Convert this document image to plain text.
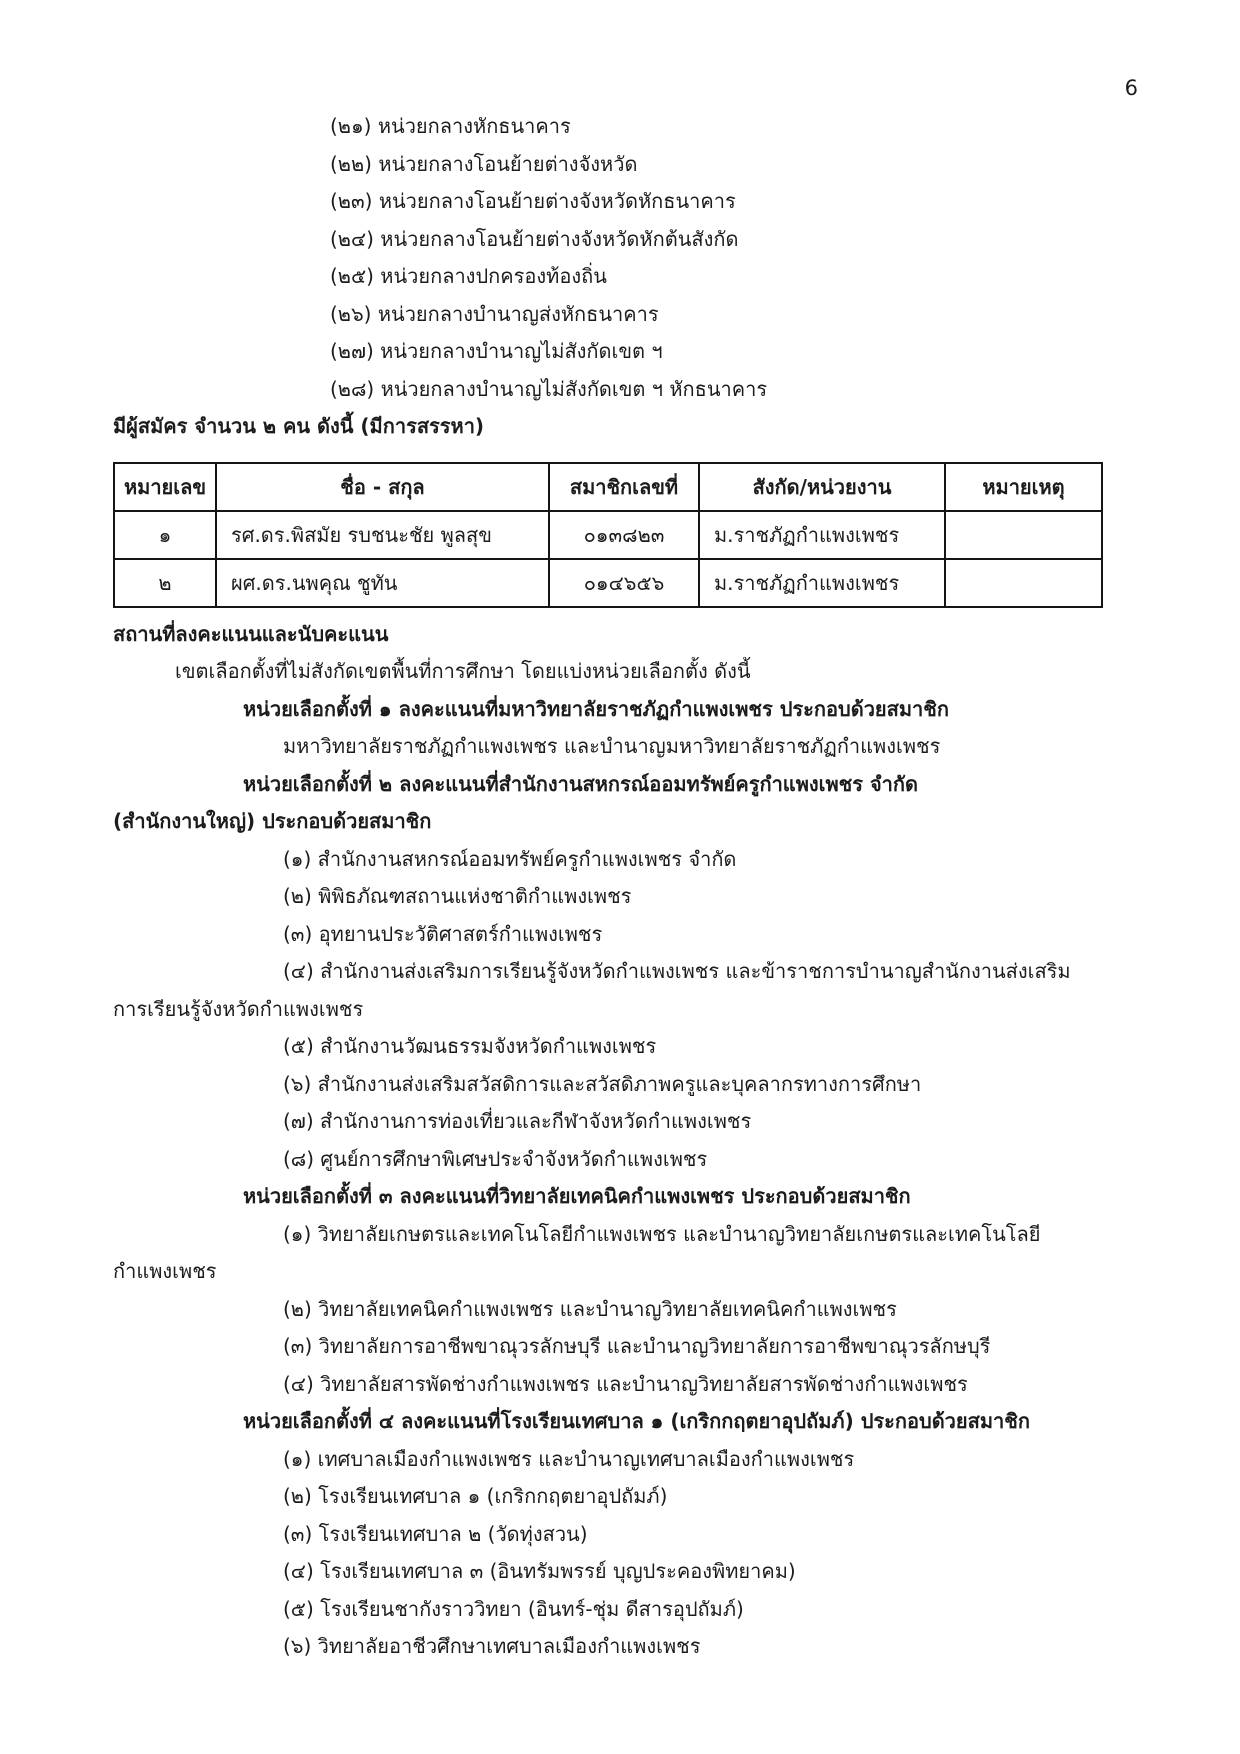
6
(๒๑) หน่วยกลางหักธนาคาร
(๒๒) หน่วยกลางโอนย้ายต่างจังหวัด
(๒๓) หน่วยกลางโอนย้ายต่างจังหวัดหักธนาคาร
(๒๔) หน่วยกลางโอนย้ายต่างจังหวัดหักต้นสังกัด
(๒๕) หน่วยกลางปกครองท้องถิ่น
(๒๖) หน่วยกลางบำนาญส่งหักธนาคาร
(๒๗) หน่วยกลางบำนาญไม่สังกัดเขต ฯ
(๒๘) หน่วยกลางบำนาญไม่สังกัดเขต ฯ หักธนาคาร
มีผู้สมัคร จำนวน ๒ คน ดังนี้ (มีการสรรหา)
หมายเลข	ชื่อ - สกุล	สมาชิกเลขที่	สังกัด/หน่วยงาน	หมายเหตุ
๑	รศ.ดร.พิสมัย รบชนะชัย พูลสุข	๐๑๓๘๒๓	ม.ราชภัฏกำแพงเพชร	
๒	ผศ.ดร.นพคุณ ชูทัน	๐๑๔๖๕๖	ม.ราชภัฏกำแพงเพชร	
สถานที่ลงคะแนนและนับคะแนน
เขตเลือกตั้งที่ไม่สังกัดเขตพื้นที่การศึกษา โดยแบ่งหน่วยเลือกตั้ง ดังนี้
หน่วยเลือกตั้งที่ ๑ ลงคะแนนที่มหาวิทยาลัยราชภัฏกำแพงเพชร ประกอบด้วยสมาชิก
มหาวิทยาลัยราชภัฏกำแพงเพชร และบำนาญมหาวิทยาลัยราชภัฏกำแพงเพชร
หน่วยเลือกตั้งที่ ๒ ลงคะแนนที่สำนักงานสหกรณ์ออมทรัพย์ครูกำแพงเพชร จำกัด
(สำนักงานใหญ่) ประกอบด้วยสมาชิก
(๑) สำนักงานสหกรณ์ออมทรัพย์ครูกำแพงเพชร จำกัด
(๒) พิพิธภัณฑสถานแห่งชาติกำแพงเพชร
(๓) อุทยานประวัติศาสตร์กำแพงเพชร
(๔) สำนักงานส่งเสริมการเรียนรู้จังหวัดกำแพงเพชร และข้าราชการบำนาญสำนักงานส่งเสริม
การเรียนรู้จังหวัดกำแพงเพชร
(๕) สำนักงานวัฒนธรรมจังหวัดกำแพงเพชร
(๖) สำนักงานส่งเสริมสวัสดิการและสวัสดิภาพครูและบุคลากรทางการศึกษา
(๗) สำนักงานการท่องเที่ยวและกีฬาจังหวัดกำแพงเพชร
(๘) ศูนย์การศึกษาพิเศษประจำจังหวัดกำแพงเพชร
หน่วยเลือกตั้งที่ ๓ ลงคะแนนที่วิทยาลัยเทคนิคกำแพงเพชร ประกอบด้วยสมาชิก
(๑) วิทยาลัยเกษตรและเทคโนโลยีกำแพงเพชร และบำนาญวิทยาลัยเกษตรและเทคโนโลยี
กำแพงเพชร
(๒) วิทยาลัยเทคนิคกำแพงเพชร และบำนาญวิทยาลัยเทคนิคกำแพงเพชร
(๓) วิทยาลัยการอาชีพขาณุวรลักษบุรี และบำนาญวิทยาลัยการอาชีพขาณุวรลักษบุรี
(๔) วิทยาลัยสารพัดช่างกำแพงเพชร และบำนาญวิทยาลัยสารพัดช่างกำแพงเพชร
หน่วยเลือกตั้งที่ ๔ ลงคะแนนที่โรงเรียนเทศบาล ๑ (เกริกกฤตยาอุปถัมภ์) ประกอบด้วยสมาชิก
(๑) เทศบาลเมืองกำแพงเพชร และบำนาญเทศบาลเมืองกำแพงเพชร
(๒) โรงเรียนเทศบาล ๑ (เกริกกฤตยาอุปถัมภ์)
(๓) โรงเรียนเทศบาล ๒ (วัดทุ่งสวน)
(๔) โรงเรียนเทศบาล ๓ (อินทรัมพรรย์ บุญประคองพิทยาคม)
(๕) โรงเรียนชากังราววิทยา (อินทร์-ชุ่ม ดีสารอุปถัมภ์)
(๖) วิทยาลัยอาชีวศึกษาเทศบาลเมืองกำแพงเพชร
